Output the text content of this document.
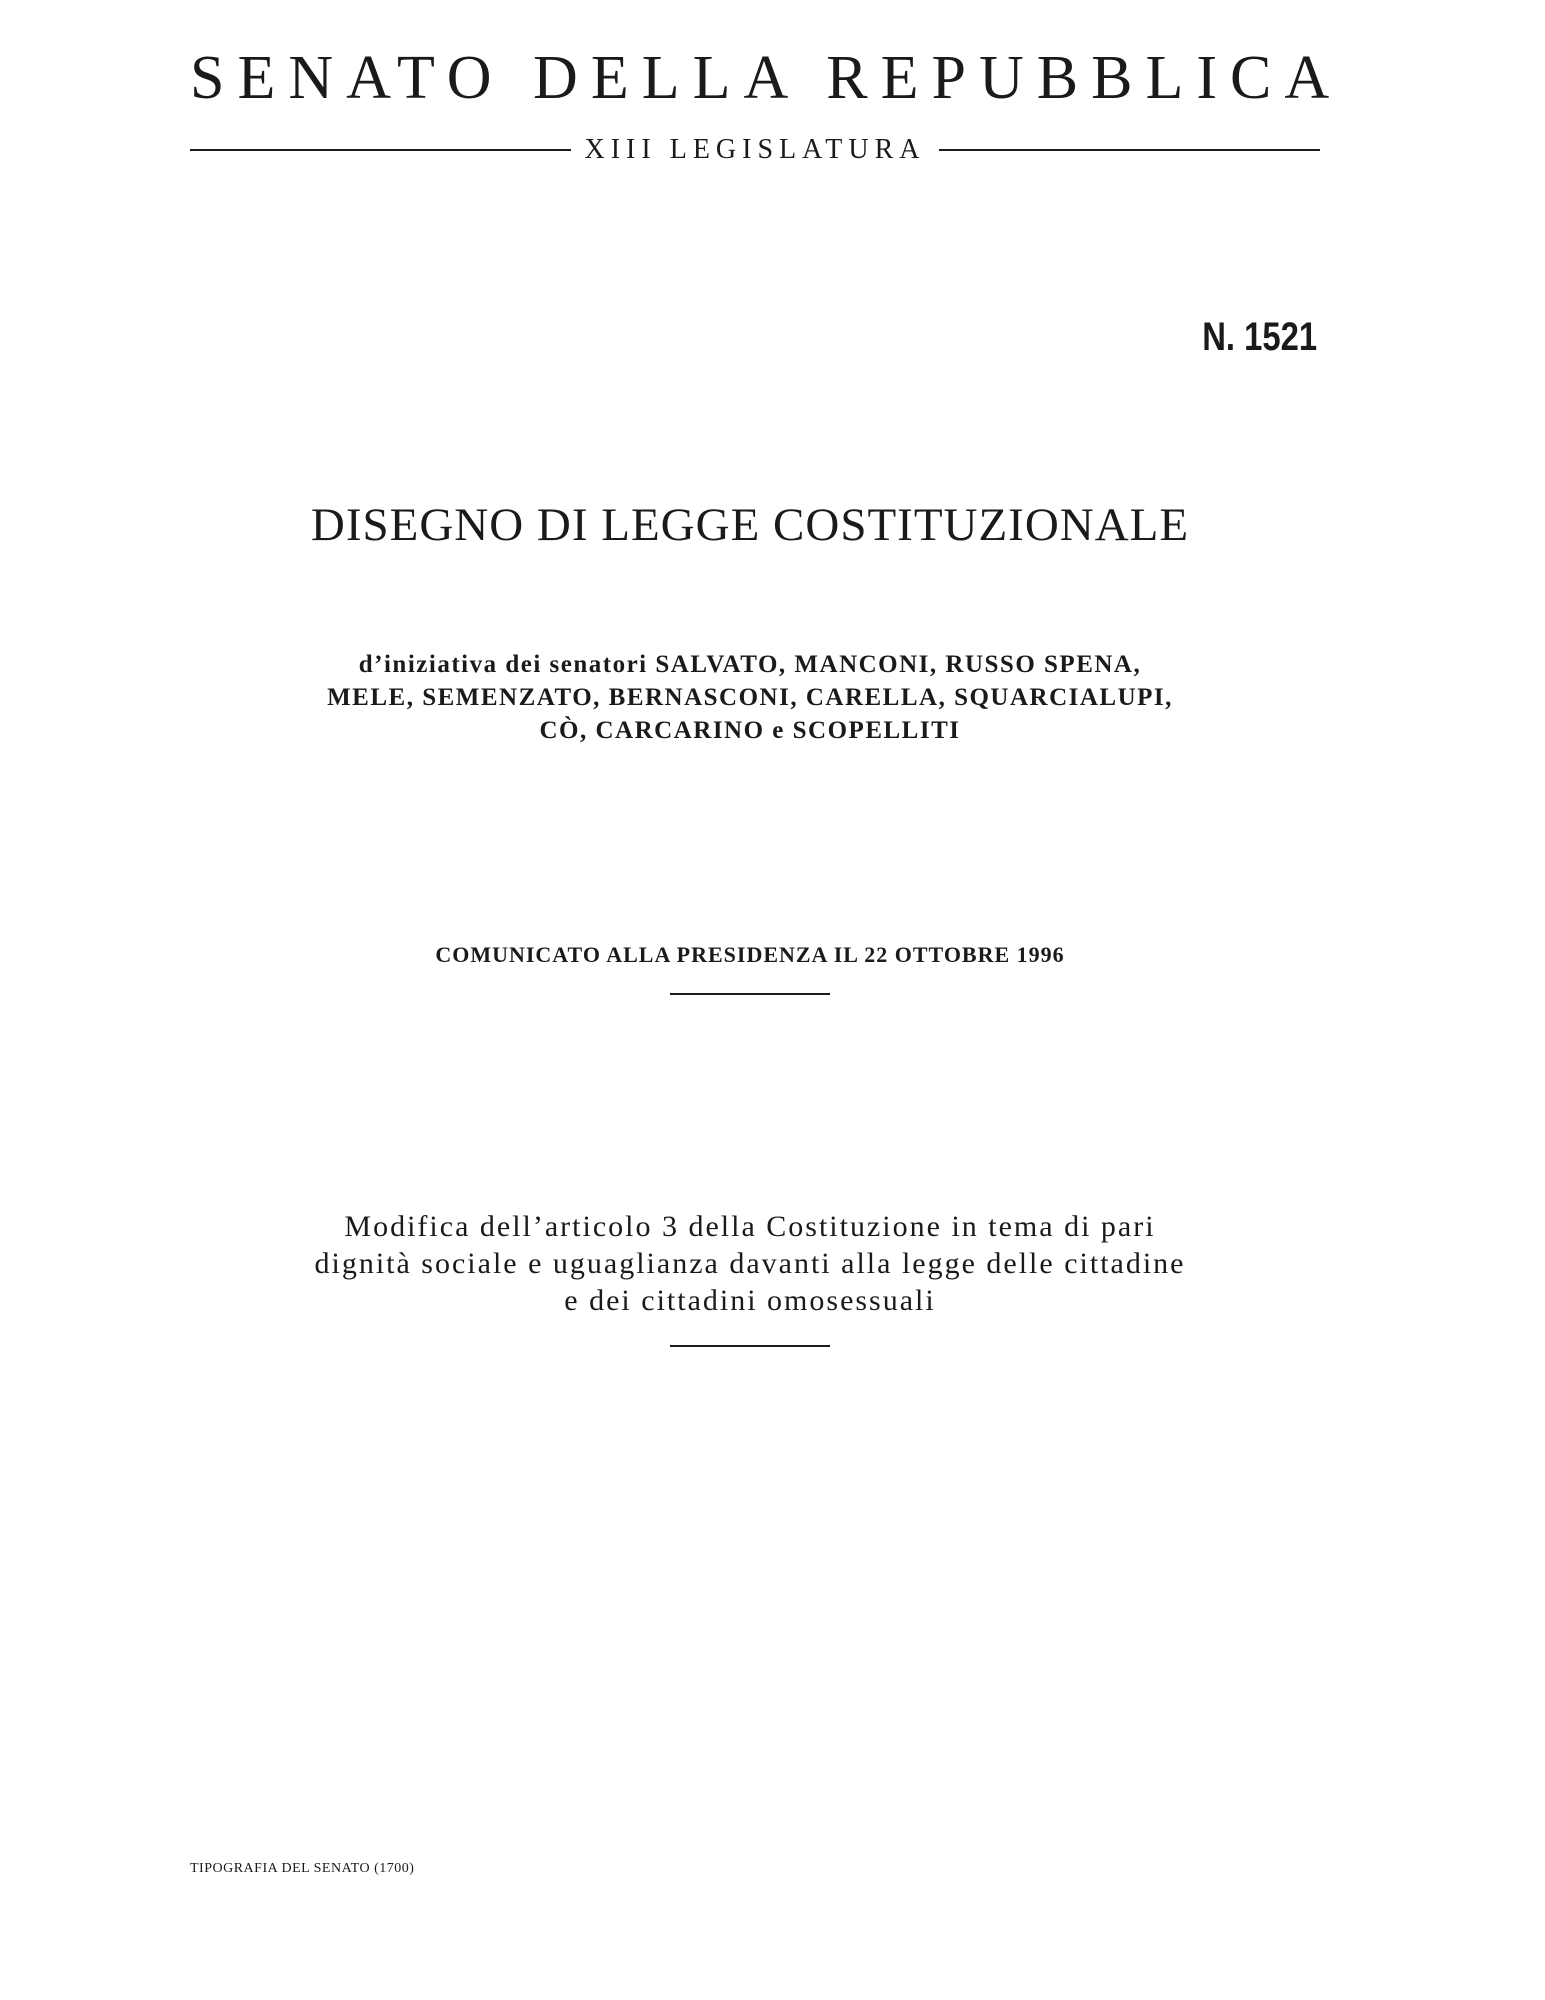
SENATO DELLA REPUBBLICA
XIII LEGISLATURA
N. 1521
DISEGNO DI LEGGE COSTITUZIONALE
d’iniziativa dei senatori SALVATO, MANCONI, RUSSO SPENA,
MELE, SEMENZATO, BERNASCONI, CARELLA, SQUARCIALUPI,
CÒ, CARCARINO e SCOPELLITI
COMUNICATO ALLA PRESIDENZA IL 22 OTTOBRE 1996
Modifica dell’articolo 3 della Costituzione in tema di pari
dignità sociale e uguaglianza davanti alla legge delle cittadine
e dei cittadini omosessuali
TIPOGRAFIA DEL SENATO (1700)
